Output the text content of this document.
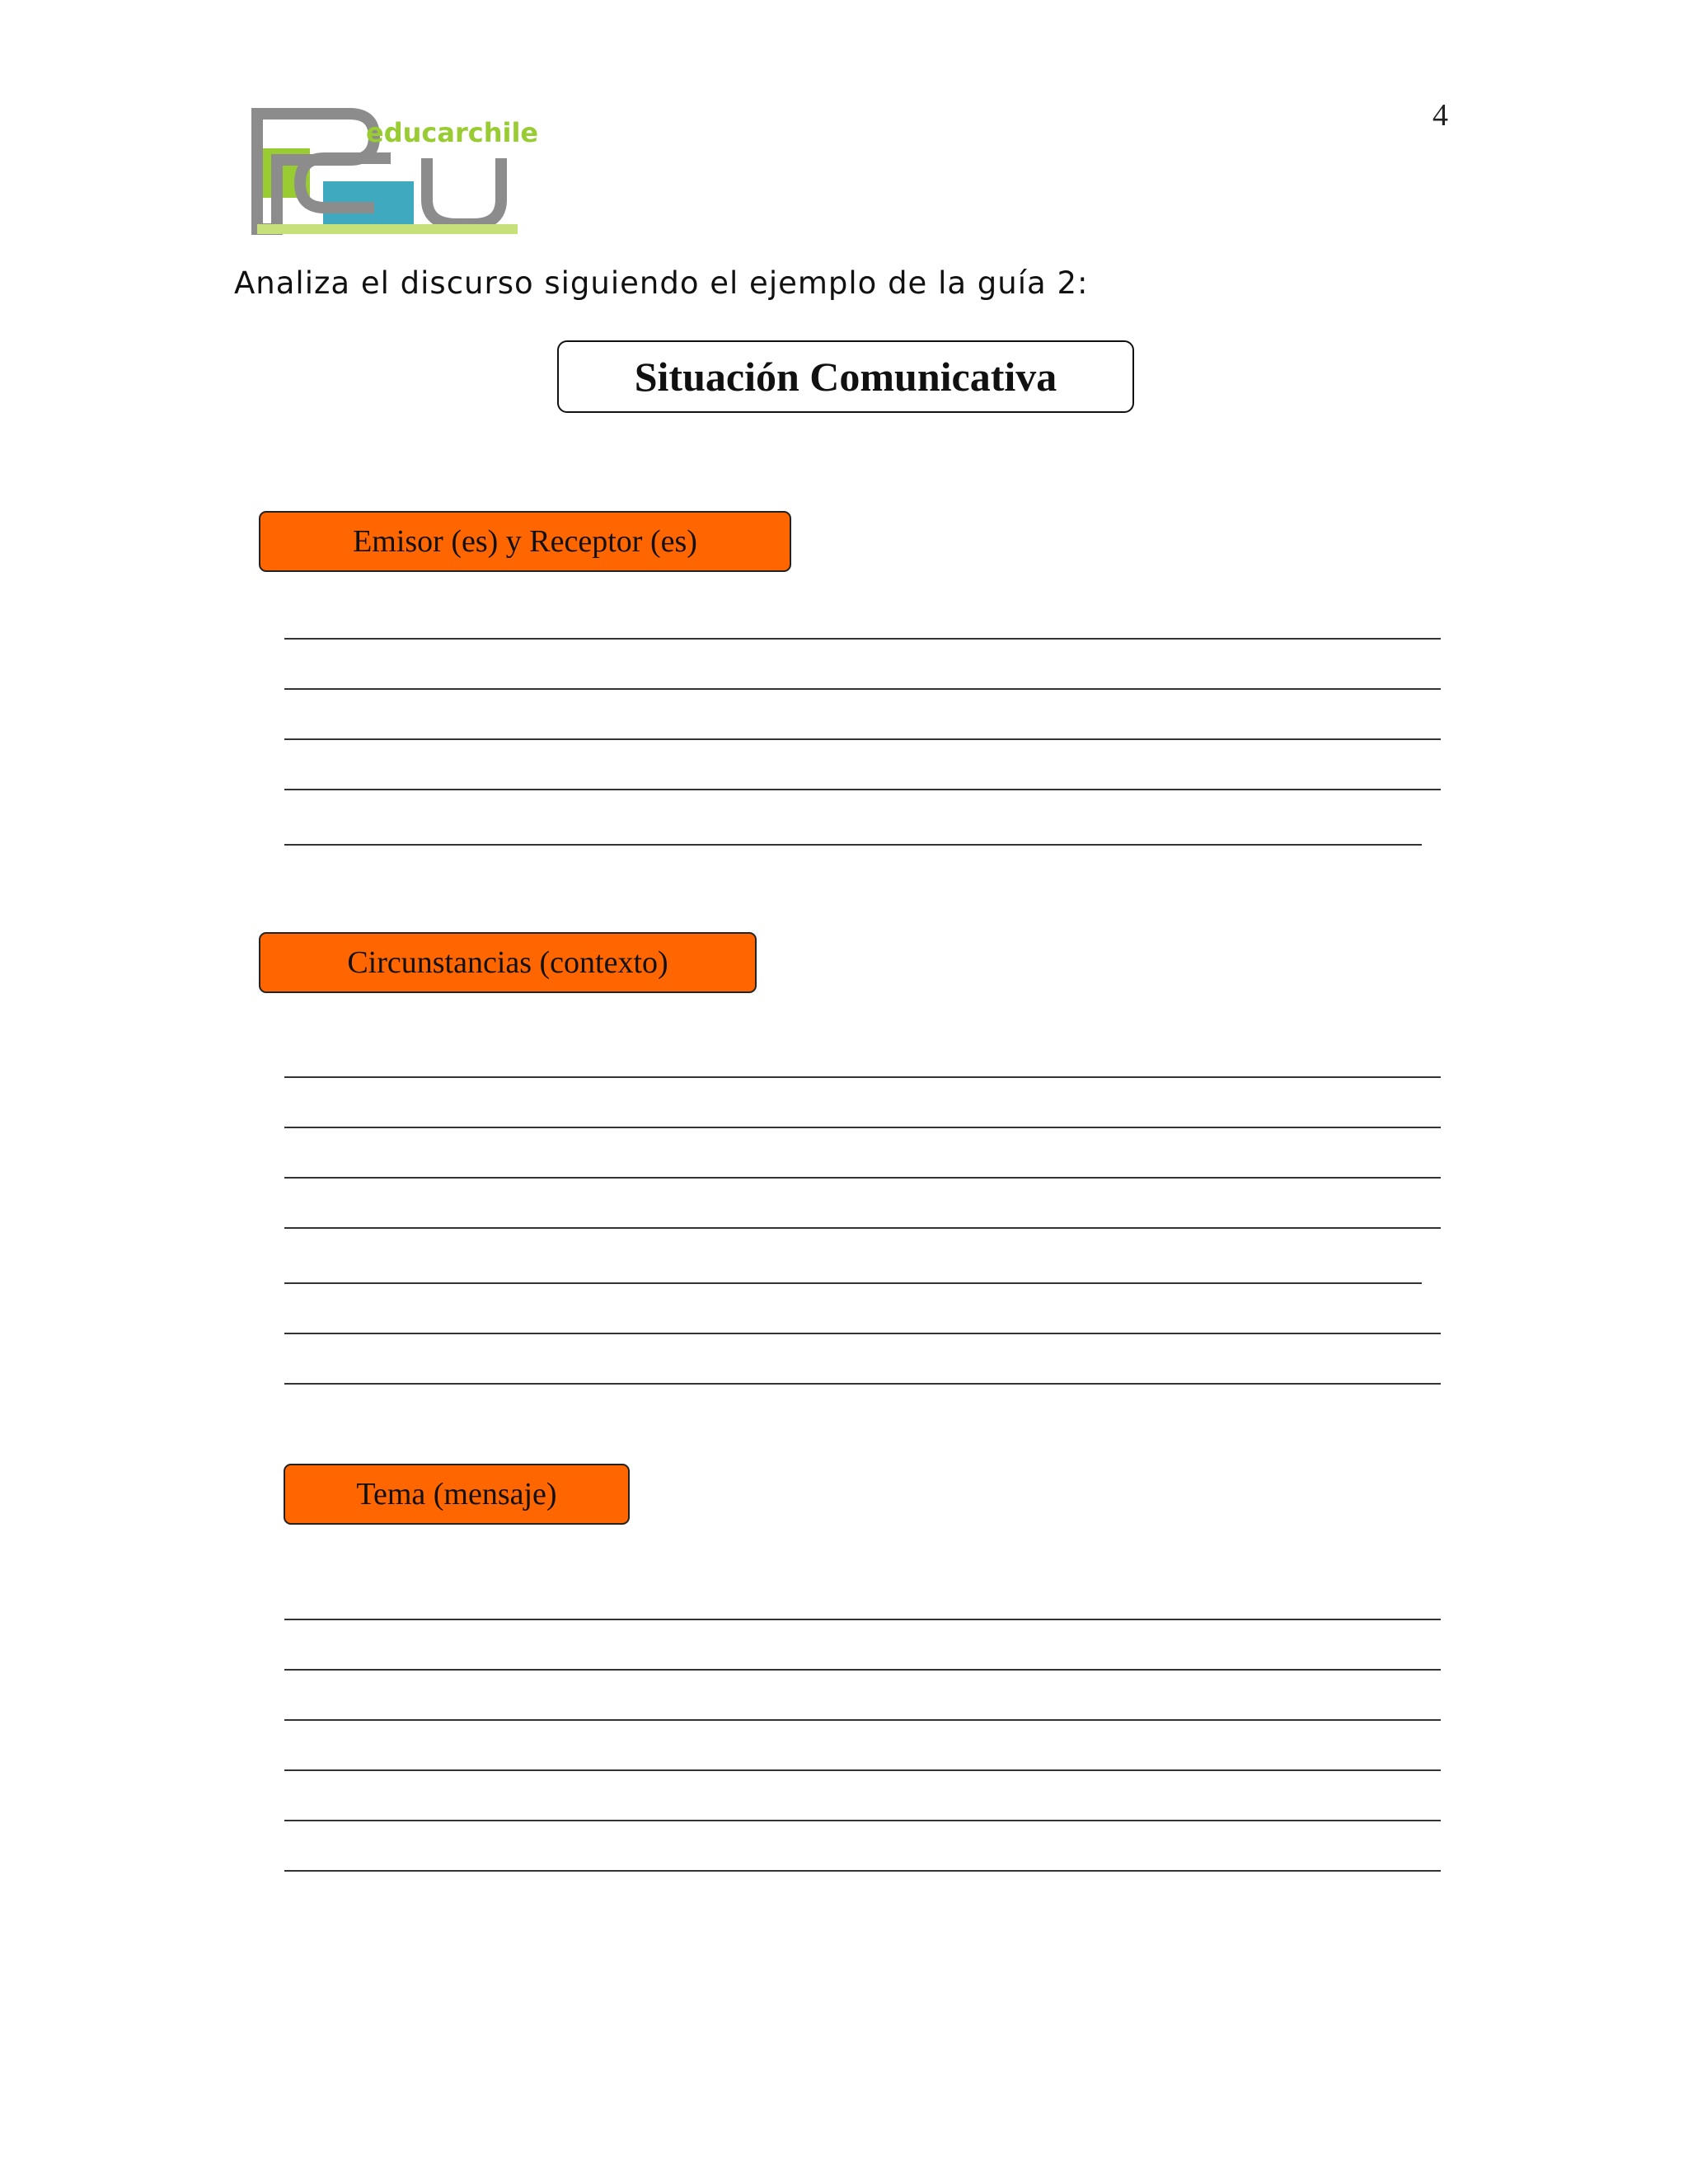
4
educarchile
Analiza el discurso siguiendo el ejemplo de la guía 2:
Situación Comunicativa
Emisor (es) y Receptor (es)
Circunstancias (contexto)
Tema (mensaje)
